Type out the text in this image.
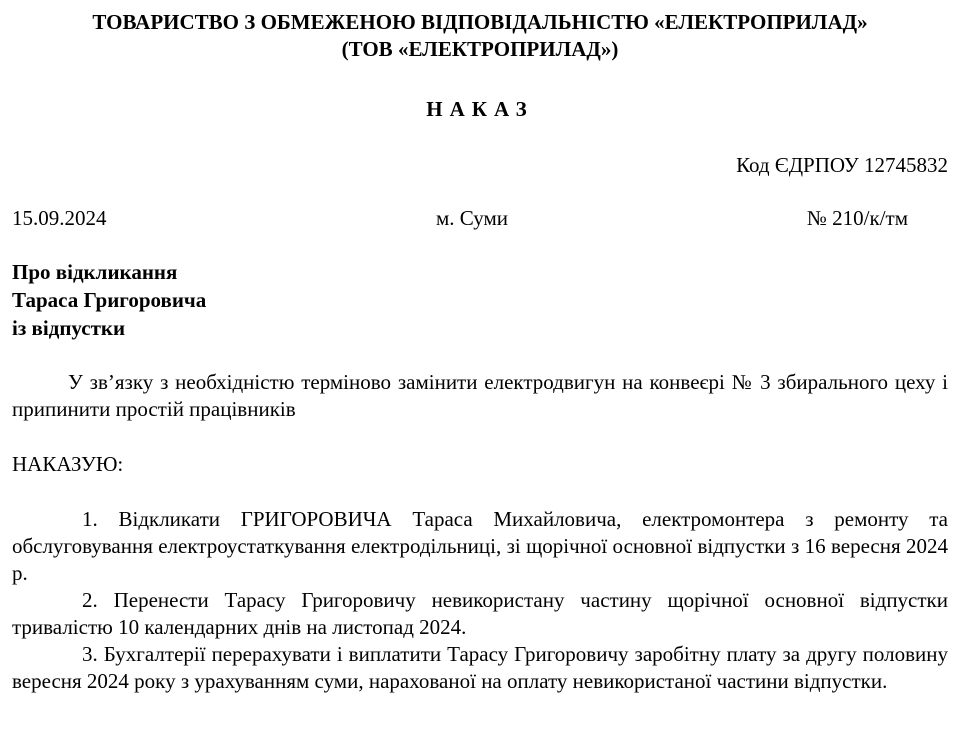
ТОВАРИСТВО З ОБМЕЖЕНОЮ ВІДПОВІДАЛЬНІСТЮ «ЕЛЕКТРОПРИЛАД»
(ТОВ «ЕЛЕКТРОПРИЛАД»)
НАКАЗ
Код ЄДРПОУ 12745832
15.09.2024	м. Суми	№ 210/к/тм
Про відкликання
Тараса Григоровича
із відпустки
У зв’язку з необхідністю терміново замінити електродвигун на конвеєрі № 3 збирального цеху і припинити простій працівників
НАКАЗУЮ:
1. Відкликати ГРИГОРОВИЧА Тараса Михайловича, електромонтера з ремонту та обслуговування електроустаткування електродільниці, зі щорічної основної відпустки з 16 вересня 2024 р.
2. Перенести Тарасу Григоровичу невикористану частину щорічної основної відпустки тривалістю 10 календарних днів на листопад 2024.
3. Бухгалтерії перерахувати і виплатити Тарасу Григоровичу заробітну плату за другу половину вересня 2024 року з урахуванням суми, нарахованої на оплату невикористаної частини відпустки.
